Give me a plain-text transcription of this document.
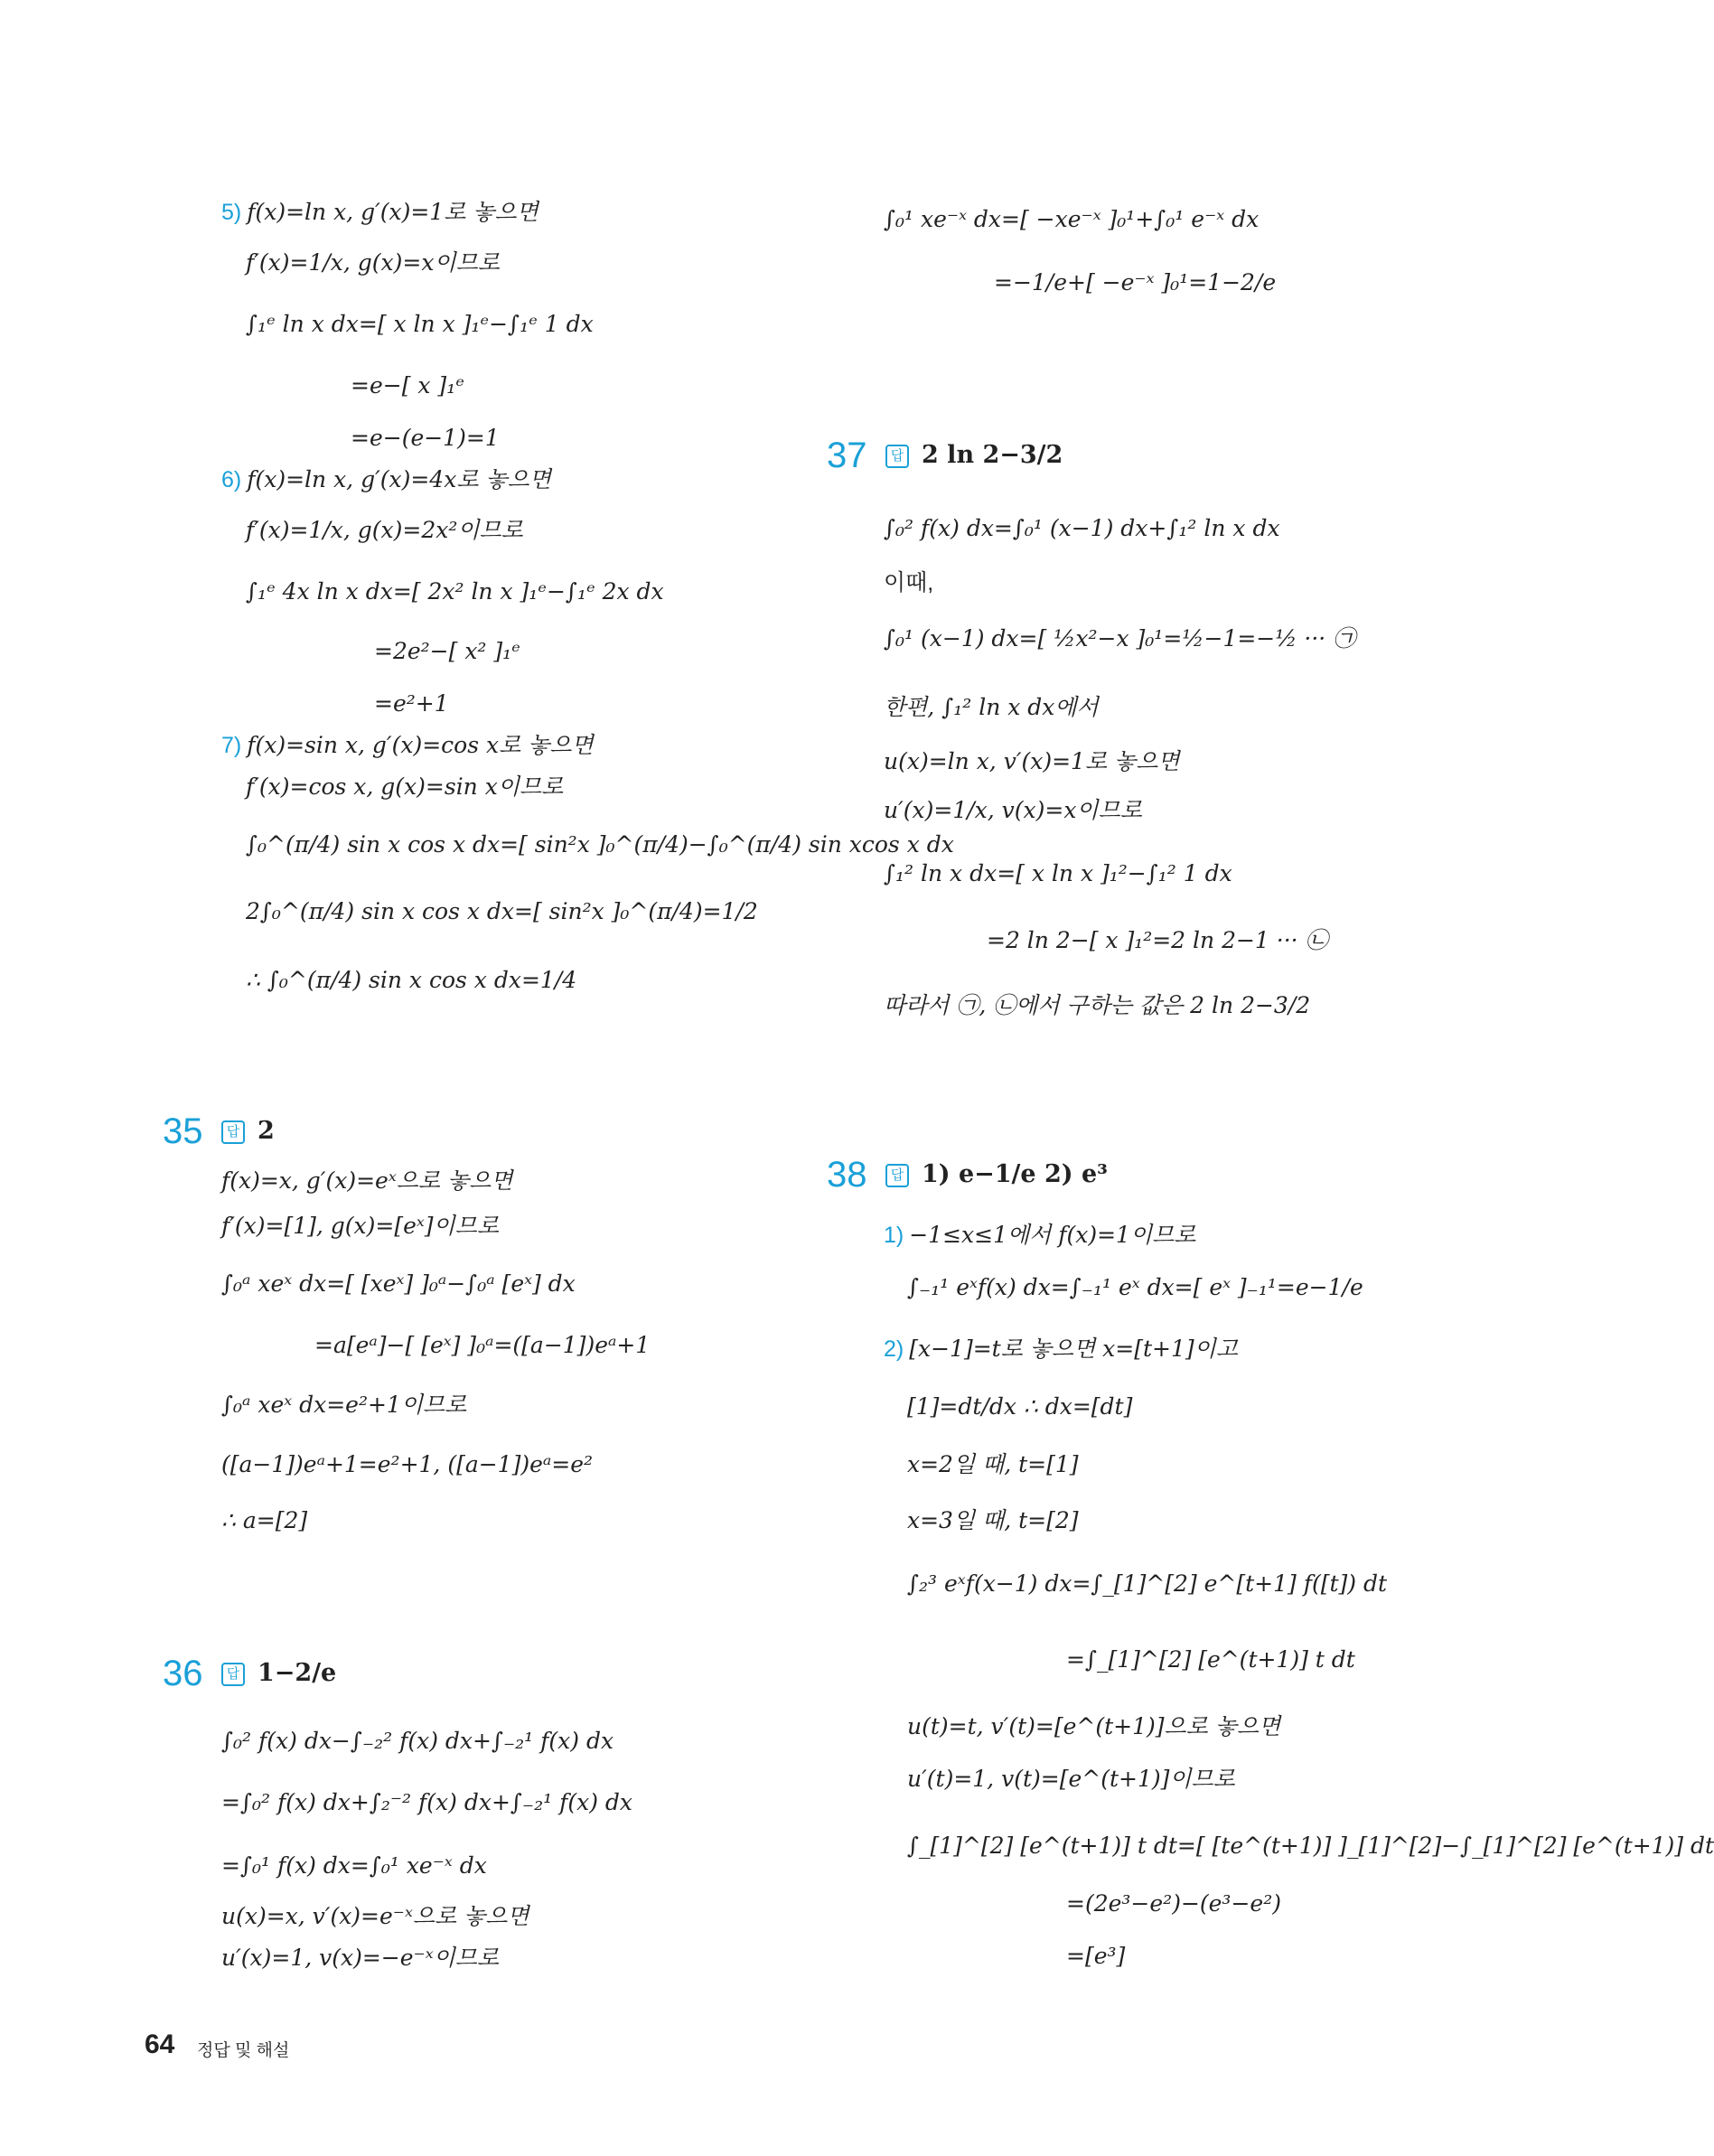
5) f(x)=ln x, g′(x)=1로 놓으면
f′(x)=1/x, g(x)=x이므로
∫₁ᵉ ln x dx=[ x ln x ]₁ᵉ−∫₁ᵉ 1 dx
=e−[ x ]₁ᵉ
=e−(e−1)=1
6) f(x)=ln x, g′(x)=4x로 놓으면
f′(x)=1/x, g(x)=2x²이므로
∫₁ᵉ 4x ln x dx=[ 2x² ln x ]₁ᵉ−∫₁ᵉ 2x dx
=2e²−[ x² ]₁ᵉ
=e²+1
7) f(x)=sin x, g′(x)=cos x로 놓으면
f′(x)=cos x, g(x)=sin x이므로
∫₀^(π/4) sin x cos x dx=[ sin²x ]₀^(π/4)−∫₀^(π/4) sin xcos x dx
2∫₀^(π/4) sin x cos x dx=[ sin²x ]₀^(π/4)=1/2
∴ ∫₀^(π/4) sin x cos x dx=1/4
35	답 2
f(x)=x, g′(x)=eˣ으로 놓으면
f′(x)=[1], g(x)=[eˣ]이므로
∫₀ᵃ xeˣ dx=[ [xeˣ] ]₀ᵃ−∫₀ᵃ [eˣ] dx
=a[eᵃ]−[ [eˣ] ]₀ᵃ=([a−1])eᵃ+1
∫₀ᵃ xeˣ dx=e²+1이므로
([a−1])eᵃ+1=e²+1, ([a−1])eᵃ=e²
∴ a=[2]
36	답 1−2/e
∫₀² f(x) dx−∫₋₂² f(x) dx+∫₋₂¹ f(x) dx
=∫₀² f(x) dx+∫₂⁻² f(x) dx+∫₋₂¹ f(x) dx
=∫₀¹ f(x) dx=∫₀¹ xe⁻ˣ dx
u(x)=x, v′(x)=e⁻ˣ으로 놓으면
u′(x)=1, v(x)=−e⁻ˣ이므로
∫₀¹ xe⁻ˣ dx=[ −xe⁻ˣ ]₀¹+∫₀¹ e⁻ˣ dx
=−1/e+[ −e⁻ˣ ]₀¹=1−2/e
37	답 2 ln 2−3/2
∫₀² f(x) dx=∫₀¹ (x−1) dx+∫₁² ln x dx
이때,
∫₀¹ (x−1) dx=[ ½x²−x ]₀¹=½−1=−½ ··· ㉠
한편, ∫₁² ln x dx에서
u(x)=ln x, v′(x)=1로 놓으면
u′(x)=1/x, v(x)=x이므로
∫₁² ln x dx=[ x ln x ]₁²−∫₁² 1 dx
=2 ln 2−[ x ]₁²=2 ln 2−1 ··· ㉡
따라서 ㉠, ㉡에서 구하는 값은 2 ln 2−3/2
38	답 1) e−1/e 2) e³
1) −1≤x≤1에서 f(x)=1이므로
∫₋₁¹ eˣf(x) dx=∫₋₁¹ eˣ dx=[ eˣ ]₋₁¹=e−1/e
2) [x−1]=t로 놓으면 x=[t+1]이고
[1]=dt/dx ∴ dx=[dt]
x=2일 때, t=[1]
x=3일 때, t=[2]
∫₂³ eˣf(x−1) dx=∫_[1]^[2] e^[t+1] f([t]) dt
=∫_[1]^[2] [e^(t+1)] t dt
u(t)=t, v′(t)=[e^(t+1)]으로 놓으면
u′(t)=1, v(t)=[e^(t+1)]이므로
∫_[1]^[2] [e^(t+1)] t dt=[ [te^(t+1)] ]_[1]^[2]−∫_[1]^[2] [e^(t+1)] dt
=(2e³−e²)−(e³−e²)
=[e³]
64 정답 및 해설
